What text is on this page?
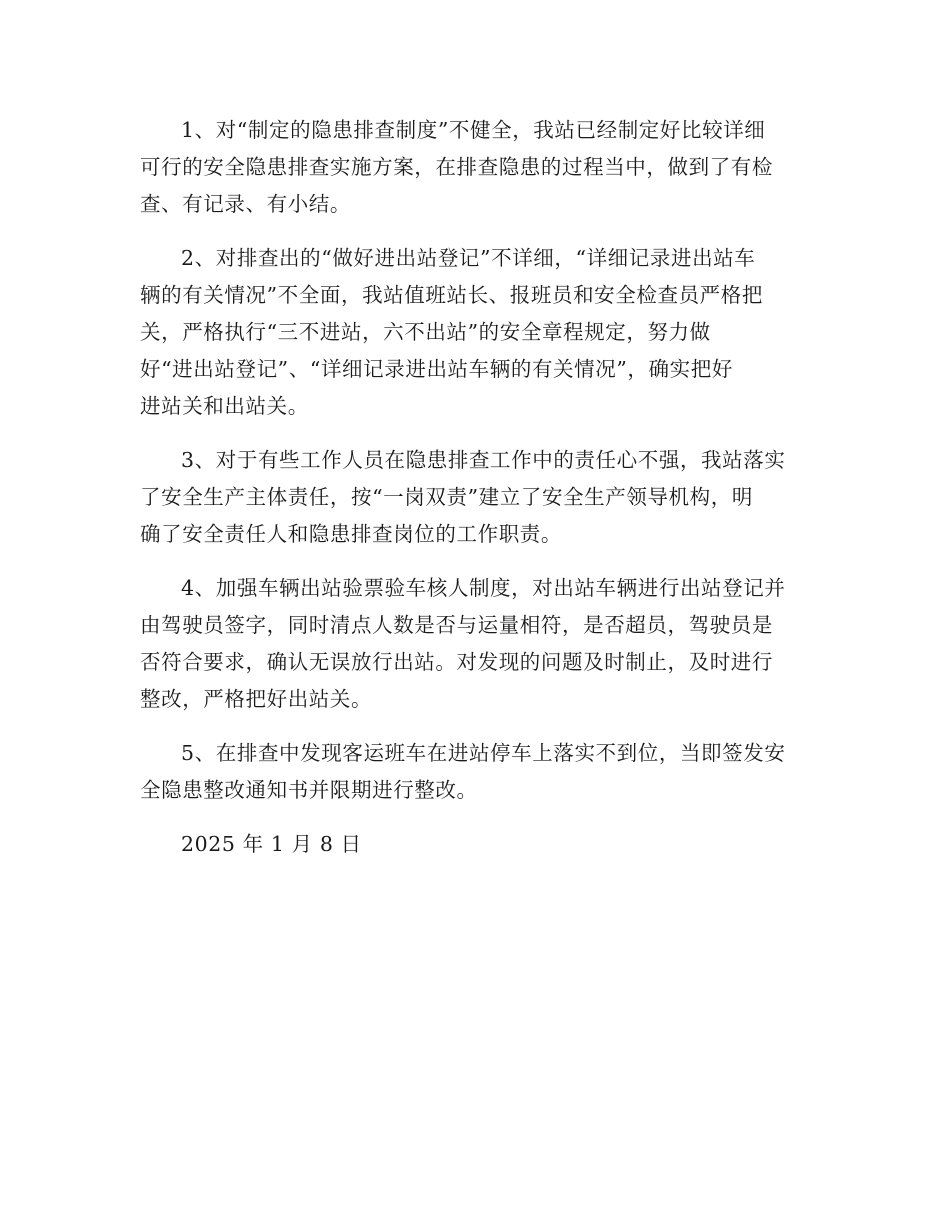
1、对“制定的隐患排查制度”不健全，我站已经制定好比较详细
可行的安全隐患排查实施方案，在排查隐患的过程当中，做到了有检
查、有记录、有小结。

2、对排查出的“做好进出站登记”不详细，“详细记录进出站车
辆的有关情况”不全面，我站值班站长、报班员和安全检查员严格把
关，严格执行“三不进站，六不出站”的安全章程规定，努力做
好“进出站登记”、“详细记录进出站车辆的有关情况”，确实把好
进站关和出站关。

3、对于有些工作人员在隐患排查工作中的责任心不强，我站落实
了安全生产主体责任，按“一岗双责”建立了安全生产领导机构，明
确了安全责任人和隐患排查岗位的工作职责。

4、加强车辆出站验票验车核人制度，对出站车辆进行出站登记并
由驾驶员签字，同时清点人数是否与运量相符，是否超员，驾驶员是
否符合要求，确认无误放行出站。对发现的问题及时制止，及时进行
整改，严格把好出站关。

5、在排查中发现客运班车在进站停车上落实不到位，当即签发安
全隐患整改通知书并限期进行整改。

2025 年 1 月 8 日
